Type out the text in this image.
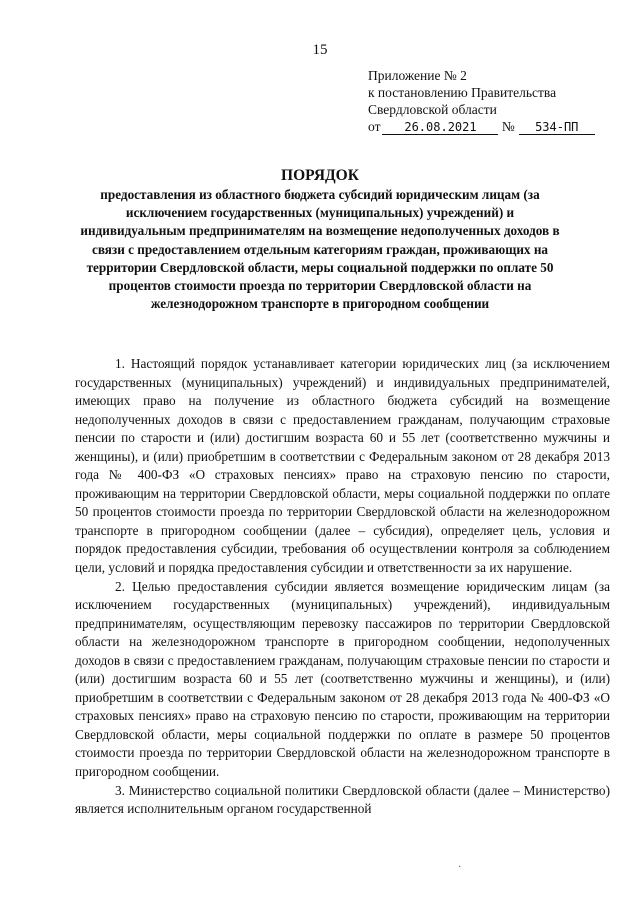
15
Приложение № 2
к постановлению Правительства
Свердловской области
от 26.08.2021 № 534-ПП
ПОРЯДОК
предоставления из областного бюджета субсидий юридическим лицам (за исключением государственных (муниципальных) учреждений) и индивидуальным предпринимателям на возмещение недополученных доходов в связи с предоставлением отдельным категориям граждан, проживающих на территории Свердловской области, меры социальной поддержки по оплате 50 процентов стоимости проезда по территории Свердловской области на железнодорожном транспорте в пригородном сообщении

1. Настоящий порядок устанавливает категории юридических лиц (за исключением государственных (муниципальных) учреждений) и индивидуальных предпринимателей, имеющих право на получение из областного бюджета субсидий на возмещение недополученных доходов в связи с предоставлением гражданам, получающим страховые пенсии по старости и (или) достигшим возраста 60 и 55 лет (соответственно мужчины и женщины), и (или) приобретшим в соответствии с Федеральным законом от 28 декабря 2013 года № 400-ФЗ «О страховых пенсиях» право на страховую пенсию по старости, проживающим на территории Свердловской области, меры социальной поддержки по оплате 50 процентов стоимости проезда по территории Свердловской области на железнодорожном транспорте в пригородном сообщении (далее – субсидия), определяет цель, условия и порядок предоставления субсидии, требования об осуществлении контроля за соблюдением цели, условий и порядка предоставления субсидии и ответственности за их нарушение.

2. Целью предоставления субсидии является возмещение юридическим лицам (за исключением государственных (муниципальных) учреждений), индивидуальным предпринимателям, осуществляющим перевозку пассажиров по территории Свердловской области на железнодорожном транспорте в пригородном сообщении, недополученных доходов в связи с предоставлением гражданам, получающим страховые пенсии по старости и (или) достигшим возраста 60 и 55 лет (соответственно мужчины и женщины), и (или) приобретшим в соответствии с Федеральным законом от 28 декабря 2013 года № 400-ФЗ «О страховых пенсиях» право на страховую пенсию по старости, проживающим на территории Свердловской области, меры социальной поддержки по оплате в размере 50 процентов стоимости проезда по территории Свердловской области на железнодорожном транспорте в пригородном сообщении.

3. Министерство социальной политики Свердловской области (далее – Министерство) является исполнительным органом государственной

·
